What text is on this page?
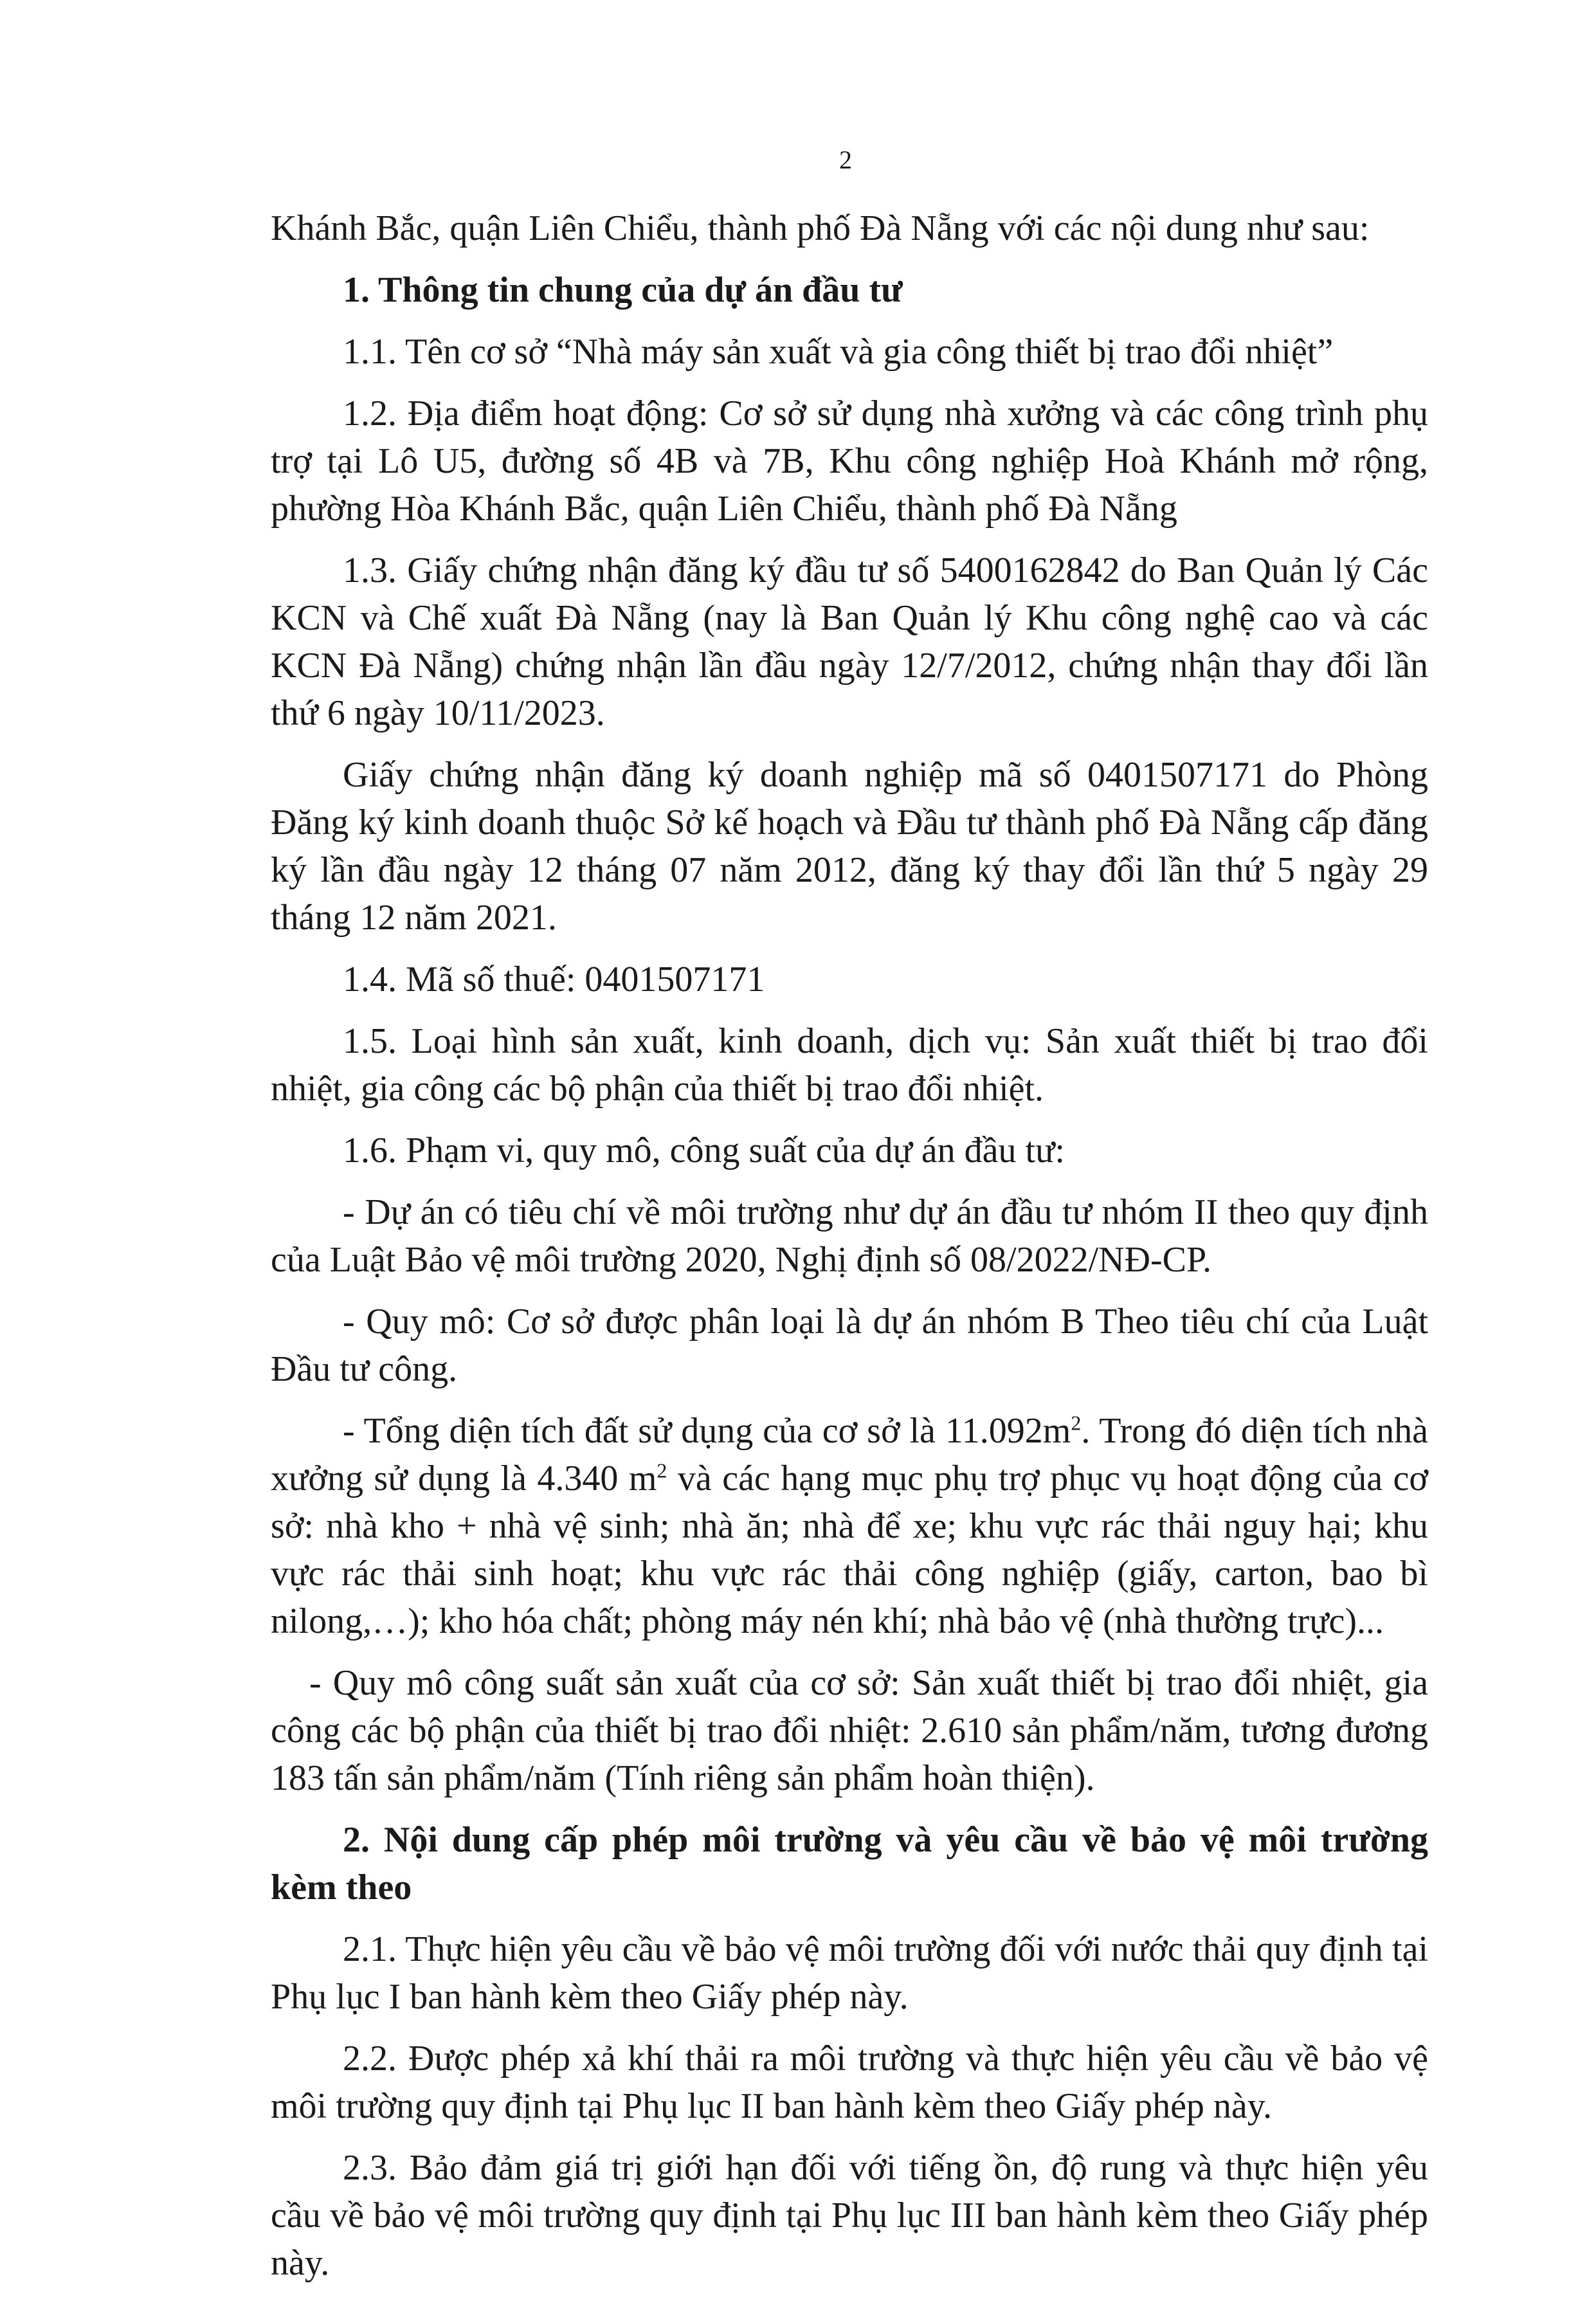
2

Khánh Bắc, quận Liên Chiểu, thành phố Đà Nẵng với các nội dung như sau:

1. Thông tin chung của dự án đầu tư

1.1. Tên cơ sở “Nhà máy sản xuất và gia công thiết bị trao đổi nhiệt”

1.2. Địa điểm hoạt động: Cơ sở sử dụng nhà xưởng và các công trình phụ trợ tại Lô U5, đường số 4B và 7B, Khu công nghiệp Hoà Khánh mở rộng, phường Hòa Khánh Bắc, quận Liên Chiểu, thành phố Đà Nẵng

1.3. Giấy chứng nhận đăng ký đầu tư số 5400162842 do Ban Quản lý Các KCN và Chế xuất Đà Nẵng (nay là Ban Quản lý Khu công nghệ cao và các KCN Đà Nẵng) chứng nhận lần đầu ngày 12/7/2012, chứng nhận thay đổi lần thứ 6 ngày 10/11/2023.

Giấy chứng nhận đăng ký doanh nghiệp mã số 0401507171 do Phòng Đăng ký kinh doanh thuộc Sở kế hoạch và Đầu tư thành phố Đà Nẵng cấp đăng ký lần đầu ngày 12 tháng 07 năm 2012, đăng ký thay đổi lần thứ 5 ngày 29 tháng 12 năm 2021.

1.4. Mã số thuế: 0401507171

1.5. Loại hình sản xuất, kinh doanh, dịch vụ: Sản xuất thiết bị trao đổi nhiệt, gia công các bộ phận của thiết bị trao đổi nhiệt.

1.6. Phạm vi, quy mô, công suất của dự án đầu tư:

- Dự án có tiêu chí về môi trường như dự án đầu tư nhóm II theo quy định của Luật Bảo vệ môi trường 2020, Nghị định số 08/2022/NĐ-CP.

- Quy mô: Cơ sở được phân loại là dự án nhóm B Theo tiêu chí của Luật Đầu tư công.

- Tổng diện tích đất sử dụng của cơ sở là $11.092m^2$. Trong đó diện tích nhà xưởng sử dụng là 4.340 $m^2$ và các hạng mục phụ trợ phục vụ hoạt động của cơ sở: nhà kho + nhà vệ sinh; nhà ăn; nhà để xe; khu vực rác thải nguy hại; khu vực rác thải sinh hoạt; khu vực rác thải công nghiệp (giấy, carton, bao bì nilong,…); kho hóa chất; phòng máy nén khí; nhà bảo vệ (nhà thường trực)...

- Quy mô công suất sản xuất của cơ sở: Sản xuất thiết bị trao đổi nhiệt, gia công các bộ phận của thiết bị trao đổi nhiệt: 2.610 sản phẩm/năm, tương đương 183 tấn sản phẩm/năm (Tính riêng sản phẩm hoàn thiện).

2. Nội dung cấp phép môi trường và yêu cầu về bảo vệ môi trường kèm theo

2.1. Thực hiện yêu cầu về bảo vệ môi trường đối với nước thải quy định tại Phụ lục I ban hành kèm theo Giấy phép này.

2.2. Được phép xả khí thải ra môi trường và thực hiện yêu cầu về bảo vệ môi trường quy định tại Phụ lục II ban hành kèm theo Giấy phép này.

2.3. Bảo đảm giá trị giới hạn đối với tiếng ồn, độ rung và thực hiện yêu cầu về bảo vệ môi trường quy định tại Phụ lục III ban hành kèm theo Giấy phép này.
